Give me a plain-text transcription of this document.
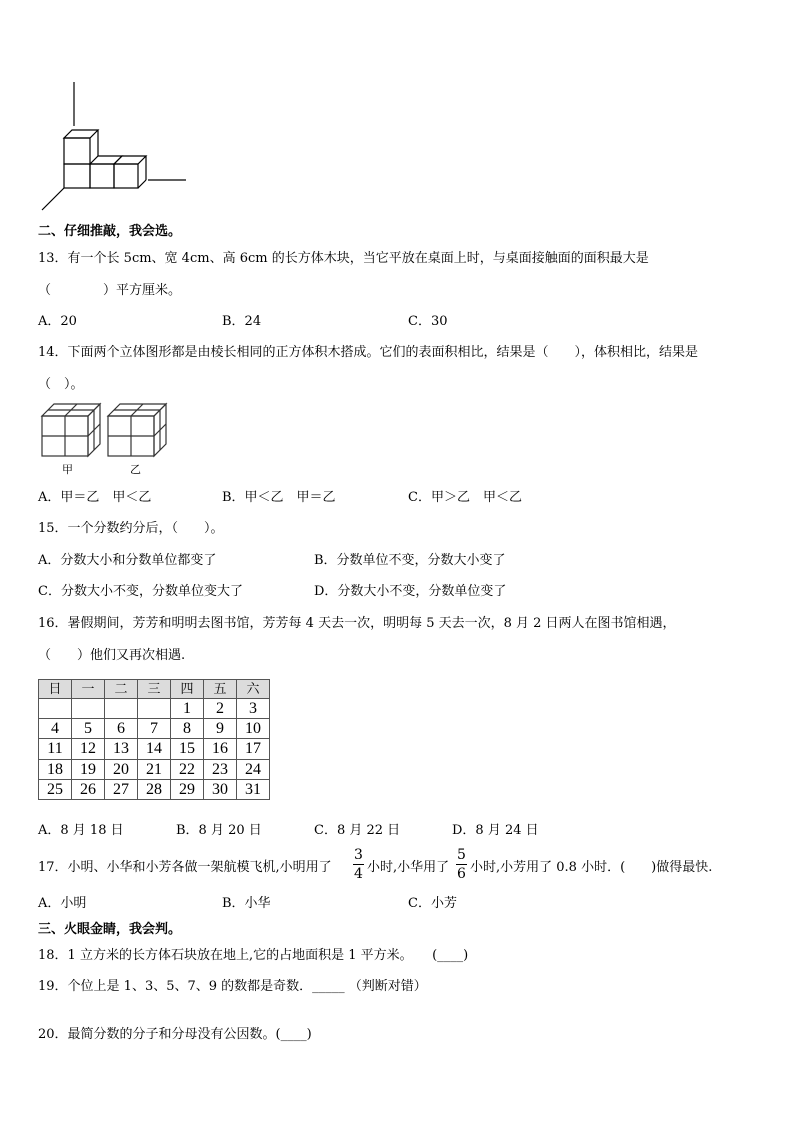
二、仔细推敲，我会选。
13．有一个长 5cm、宽 4cm、高 6cm 的长方体木块，当它平放在桌面上时，与桌面接触面的面积最大是
（　　　　）平方厘米。
A．20	B．24	C．30
14．下面两个立体图形都是由棱长相同的正方体积木搭成。它们的表面积相比，结果是（　　），体积相比，结果是
（　）。
甲	乙
A．甲＝乙　甲＜乙	B．甲＜乙　甲＝乙	C．甲＞乙　甲＜乙
15．一个分数约分后，（　　）。
A．分数大小和分数单位都变了	B．分数单位不变，分数大小变了
C．分数大小不变，分数单位变大了	D．分数大小不变，分数单位变了
16．暑假期间，芳芳和明明去图书馆，芳芳每 4 天去一次，明明每 5 天去一次，8 月 2 日两人在图书馆相遇，
（　　）他们又再次相遇.
日	一	二	三	四	五	六
				1	2	3
4	5	6	7	8	9	10
11	12	13	14	15	16	17
18	19	20	21	22	23	24
25	26	27	28	29	30	31
A．8 月 18 日	B．8 月 20 日	C．8 月 22 日	D．8 月 24 日
17．小明、小华和小芳各做一架航模飞机,小明用了 $\frac{3}{4}$ 小时,小华用了 $\frac{5}{6}$ 小时,小芳用了 0.8 小时．(　　)做得最快.
A．小明	B．小华	C．小芳
三、火眼金睛，我会判。
18．1 立方米的长方体石块放在地上,它的占地面积是 1 平方米。　　(____)
19．个位上是 1、3、5、7、9 的数都是奇数．_____ （判断对错）
20．最简分数的分子和分母没有公因数。(____)
